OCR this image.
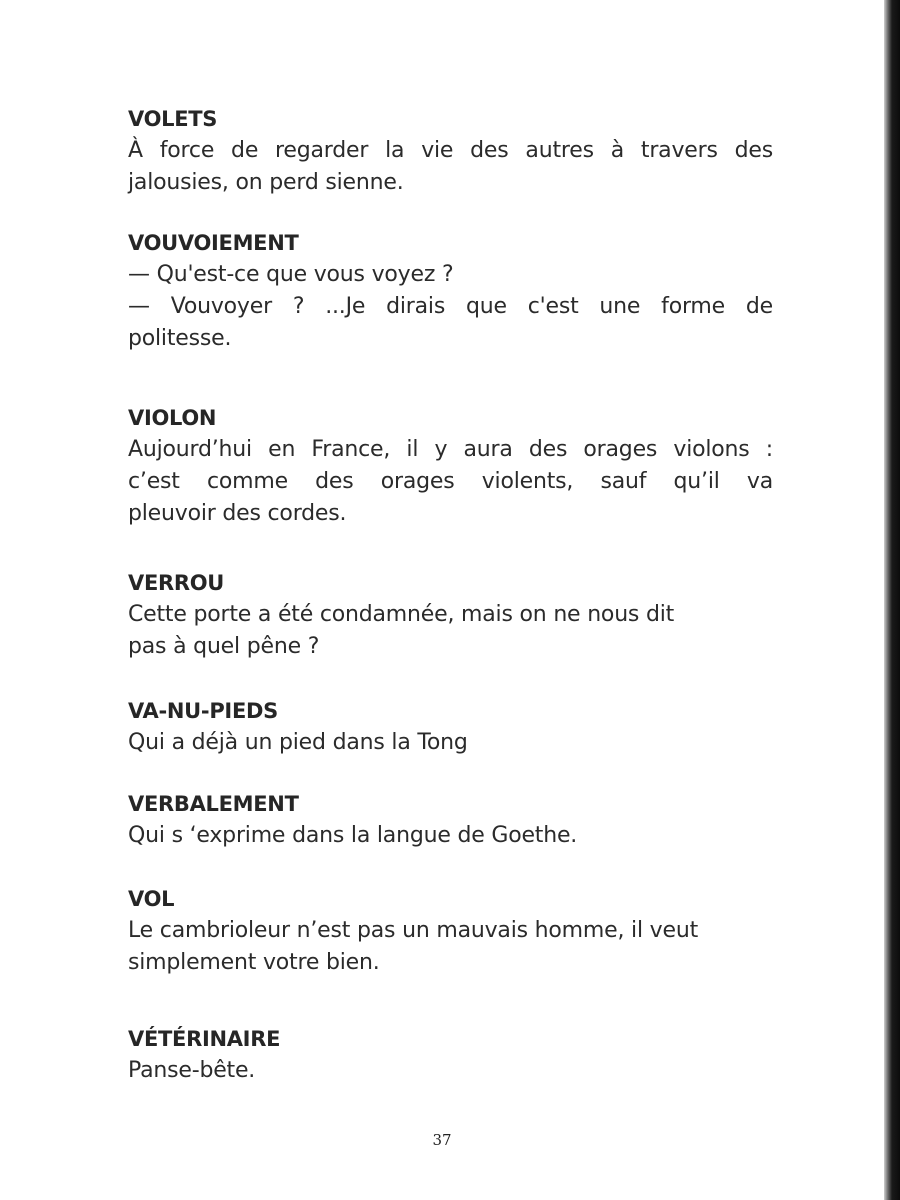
VOLETS
À force de regarder la vie des autres à travers des
jalousies, on perd sienne.
VOUVOIEMENT
— Qu'est-ce que vous voyez ?
— Vouvoyer ? ...Je dirais que c'est une forme de
politesse.
VIOLON
Aujourd’hui en France, il y aura des orages violons :
c’est comme des orages violents, sauf qu’il va
pleuvoir des cordes.
VERROU
Cette porte a été condamnée, mais on ne nous dit
pas à quel pêne ?
VA-NU-PIEDS
Qui a déjà un pied dans la Tong
VERBALEMENT
Qui s ‘exprime dans la langue de Goethe.
VOL
Le cambrioleur n’est pas un mauvais homme, il veut
simplement votre bien.
VÉTÉRINAIRE
Panse-bête.
37
